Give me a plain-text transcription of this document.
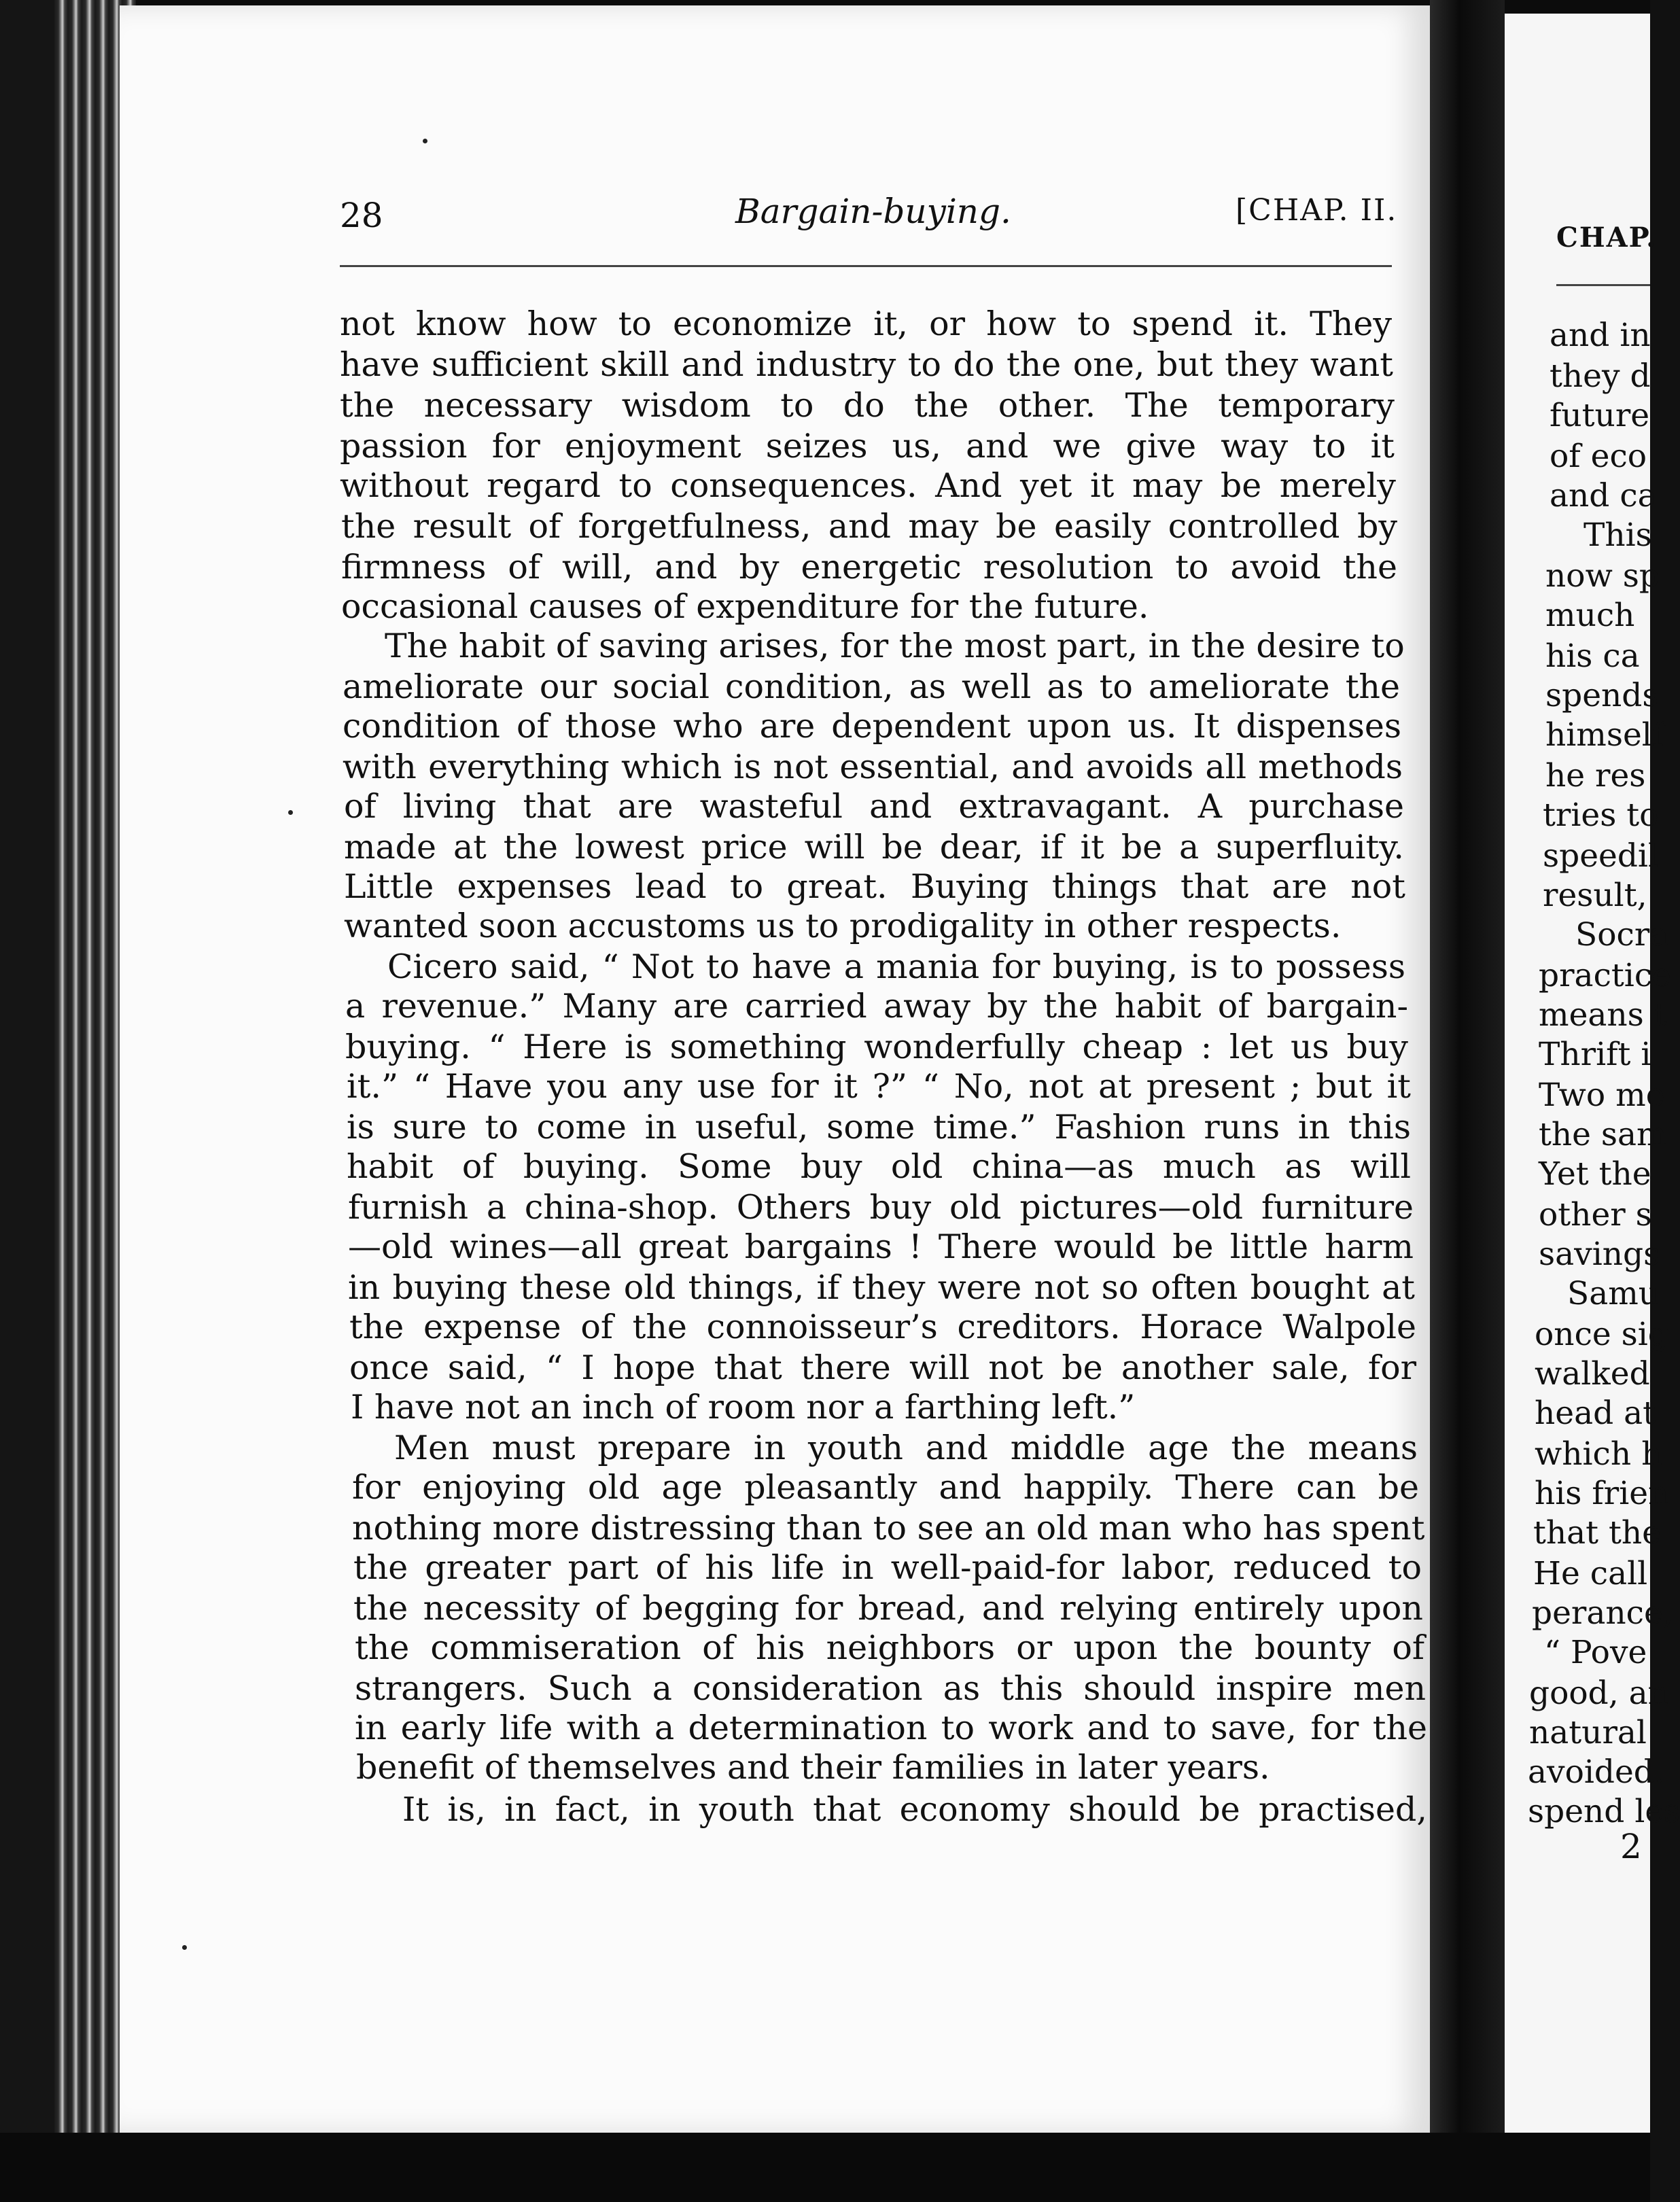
28	Bargain-buying.	[CHAP. II.
not know how to economize it, or how to spend it. They
have sufficient skill and industry to do the one, but they want
the necessary wisdom to do the other. The temporary
passion for enjoyment seizes us, and we give way to it
without regard to consequences. And yet it may be merely
the result of forgetfulness, and may be easily controlled by
firmness of will, and by energetic resolution to avoid the
occasional causes of expenditure for the future.
The habit of saving arises, for the most part, in the desire to
ameliorate our social condition, as well as to ameliorate the
condition of those who are dependent upon us. It dispenses
with everything which is not essential, and avoids all methods
of living that are wasteful and extravagant. A purchase
made at the lowest price will be dear, if it be a superfluity.
Little expenses lead to great. Buying things that are not
wanted soon accustoms us to prodigality in other respects.
Cicero said, “ Not to have a mania for buying, is to possess
a revenue.” Many are carried away by the habit of bargain-
buying. “ Here is something wonderfully cheap : let us buy
it.” “ Have you any use for it ?” “ No, not at present ; but it
is sure to come in useful, some time.” Fashion runs in this
habit of buying. Some buy old china—as much as will
furnish a china-shop. Others buy old pictures—old furniture
—old wines—all great bargains ! There would be little harm
in buying these old things, if they were not so often bought at
the expense of the connoisseur’s creditors. Horace Walpole
once said, “ I hope that there will not be another sale, for
I have not an inch of room nor a farthing left.”
Men must prepare in youth and middle age the means
for enjoying old age pleasantly and happily. There can be
nothing more distressing than to see an old man who has spent
the greater part of his life in well-paid-for labor, reduced to
the necessity of begging for bread, and relying entirely upon
the commiseration of his neighbors or upon the bounty of
strangers. Such a consideration as this should inspire men
in early life with a determination to work and to save, for the
benefit of themselves and their families in later years.
It is, in fact, in youth that economy should be practised,
CHAP.
and in
they d
future
of eco
and ca
This
now sp
much
his ca
spends
himself
he res
tries to
speedil
result,
Socra
practice
means t
Thrift i
Two me
the sam
Yet the
other s
savings
Samu
once sig
walked
head at
which h
his frien
that the
He call
perance,
“ Pove
good, an
natural
avoided.
spend les
2
